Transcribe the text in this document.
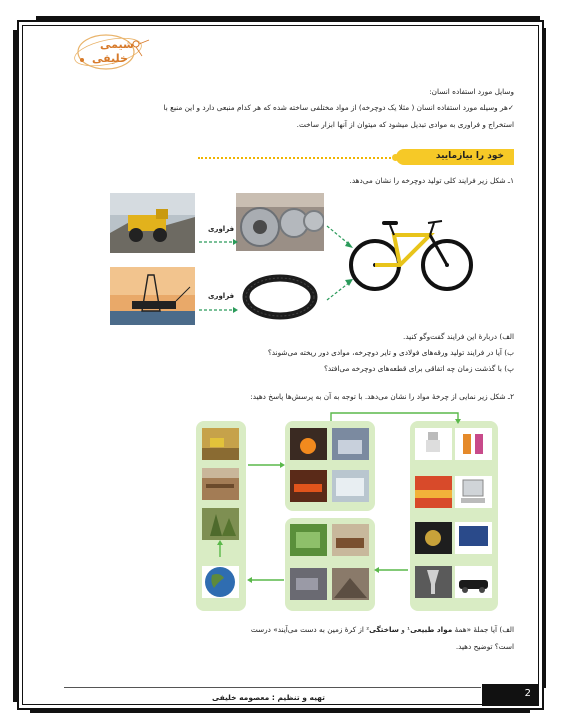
شیمی
خلیفی
وسایل مورد استفاده انسان:
✓هر وسیله مورد استفاده انسان ( مثلا یک دوچرخه) از مواد مختلفی ساخته شده که هر کدام منبعی دارد و این منبع با
استخراج و فراوری به موادی تبدیل میشود که میتوان از آنها ابزار ساخت.
خود را بیازمایید
۱ـ شکل زیر فرایند کلی تولید دوچرخه را نشان می‌دهد.
فراوری
فراوری
الف) دربارهٔ این فرایند گفت‌وگو کنید.
ب) آیا در فرایند تولید ورقه‌های فولادی و تایر دوچرخه، موادی دور ریخته می‌شوند؟
پ) با گذشت زمان چه اتفاقی برای قطعه‌های دوچرخه می‌افتد؟
۲ـ شکل زیر نمایی از چرخهٔ مواد را نشان می‌دهد. با توجه به آن به پرسش‌ها پاسخ دهید:
الف) آیا جملهٔ «همهٔ مواد طبیعی¹ و ساختگی² از کرهٔ زمین به دست می‌آیند» درست
است؟ توضیح دهید.
تهیه و تنظیم : معصومه خلیفی	2
